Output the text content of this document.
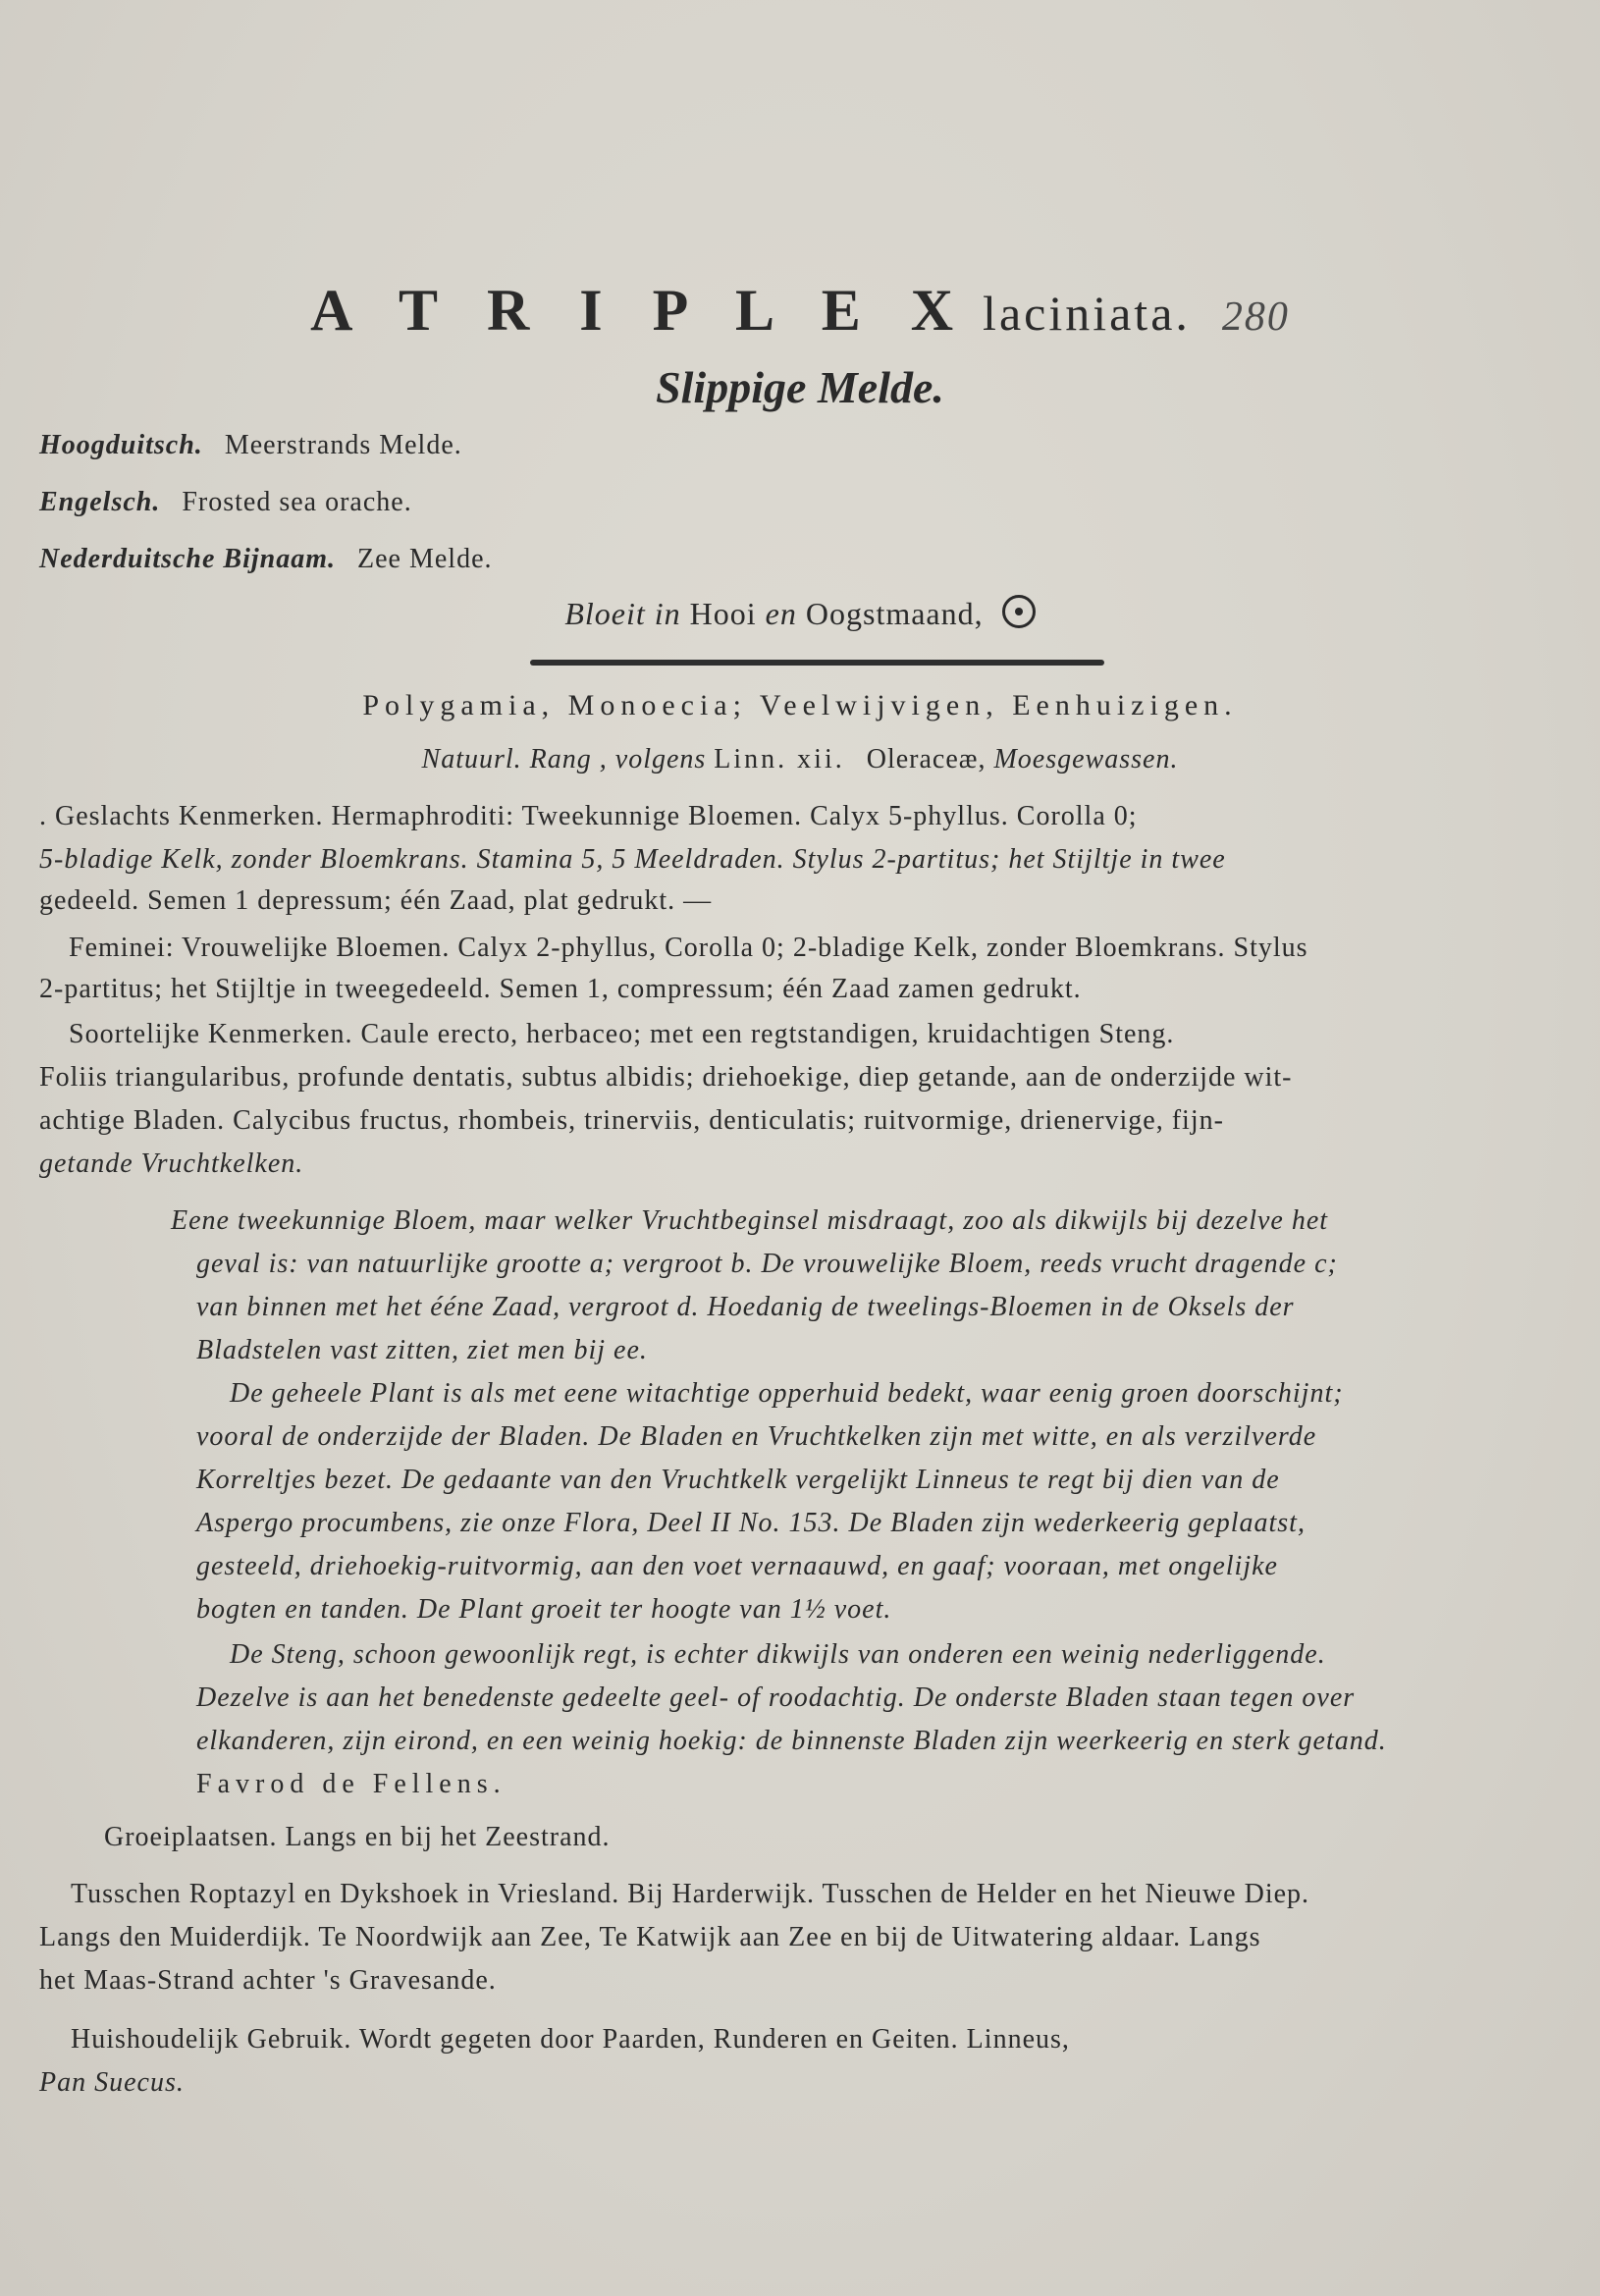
A T R I P L E X laciniata. 280
Slippige Melde.
Hoogduitsch. Meerstrands Melde.
Engelsch. Frosted sea orache.
Nederduitsche Bijnaam. Zee Melde.
Bloeit in Hooi en Oogstmaand,
Polygamia, Monoecia; Veelwijvigen, Eenhuizigen.
Natuurl. Rang , volgens Linn. xii. Oleraceæ, Moesgewassen.
. Geslachts Kenmerken. Hermaphroditi: Tweekunnige Bloemen. Calyx 5-phyllus. Corolla 0;
5-bladige Kelk, zonder Bloemkrans. Stamina 5, 5 Meeldraden. Stylus 2-partitus; het Stijltje in twee
gedeeld. Semen 1 depressum; één Zaad, plat gedrukt. —
Feminei: Vrouwelijke Bloemen. Calyx 2-phyllus, Corolla 0; 2-bladige Kelk, zonder Bloemkrans. Stylus
2-partitus; het Stijltje in tweegedeeld. Semen 1, compressum; één Zaad zamen gedrukt.
Soortelijke Kenmerken. Caule erecto, herbaceo; met een regtstandigen, kruidachtigen Steng.
Foliis triangularibus, profunde dentatis, subtus albidis; driehoekige, diep getande, aan de onderzijde wit-
achtige Bladen. Calycibus fructus, rhombeis, trinerviis, denticulatis; ruitvormige, drienervige, fijn-
getande Vruchtkelken.
Eene tweekunnige Bloem, maar welker Vruchtbeginsel misdraagt, zoo als dikwijls bij dezelve het
geval is: van natuurlijke grootte a; vergroot b. De vrouwelijke Bloem, reeds vrucht dragende c;
van binnen met het ééne Zaad, vergroot d. Hoedanig de tweelings-Bloemen in de Oksels der
Bladstelen vast zitten, ziet men bij ee.
De geheele Plant is als met eene witachtige opperhuid bedekt, waar eenig groen doorschijnt;
vooral de onderzijde der Bladen. De Bladen en Vruchtkelken zijn met witte, en als verzilverde
Korreltjes bezet. De gedaante van den Vruchtkelk vergelijkt Linneus te regt bij dien van de
Aspergo procumbens, zie onze Flora, Deel II No. 153. De Bladen zijn wederkeerig geplaatst,
gesteeld, driehoekig-ruitvormig, aan den voet vernaauwd, en gaaf; vooraan, met ongelijke
bogten en tanden. De Plant groeit ter hoogte van 1½ voet.
De Steng, schoon gewoonlijk regt, is echter dikwijls van onderen een weinig nederliggende.
Dezelve is aan het benedenste gedeelte geel- of roodachtig. De onderste Bladen staan tegen over
elkanderen, zijn eirond, en een weinig hoekig: de binnenste Bladen zijn weerkeerig en sterk getand.
Favrod de Fellens.
Groeiplaatsen. Langs en bij het Zeestrand.
Tusschen Roptazyl en Dykshoek in Vriesland. Bij Harderwijk. Tusschen de Helder en het Nieuwe Diep.
Langs den Muiderdijk. Te Noordwijk aan Zee, Te Katwijk aan Zee en bij de Uitwatering aldaar. Langs
het Maas-Strand achter 's Gravesande.
Huishoudelijk Gebruik. Wordt gegeten door Paarden, Runderen en Geiten. Linneus,
Pan Suecus.
